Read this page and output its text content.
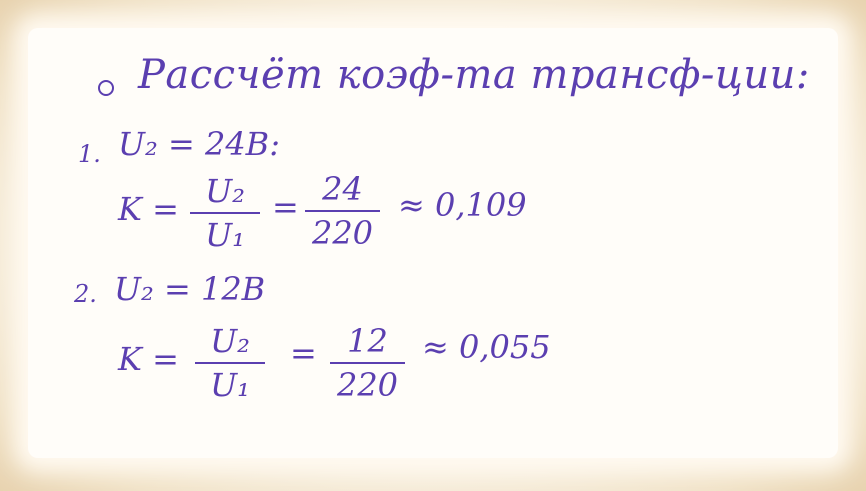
Рассчёт коэф-та трансф-ции:
1. U₂ = 24В:
K = U₂
U₁
= 24
220
≈ 0,109
2. U₂ = 12В
K = U₂
U₁
= 12
220
≈ 0,055
